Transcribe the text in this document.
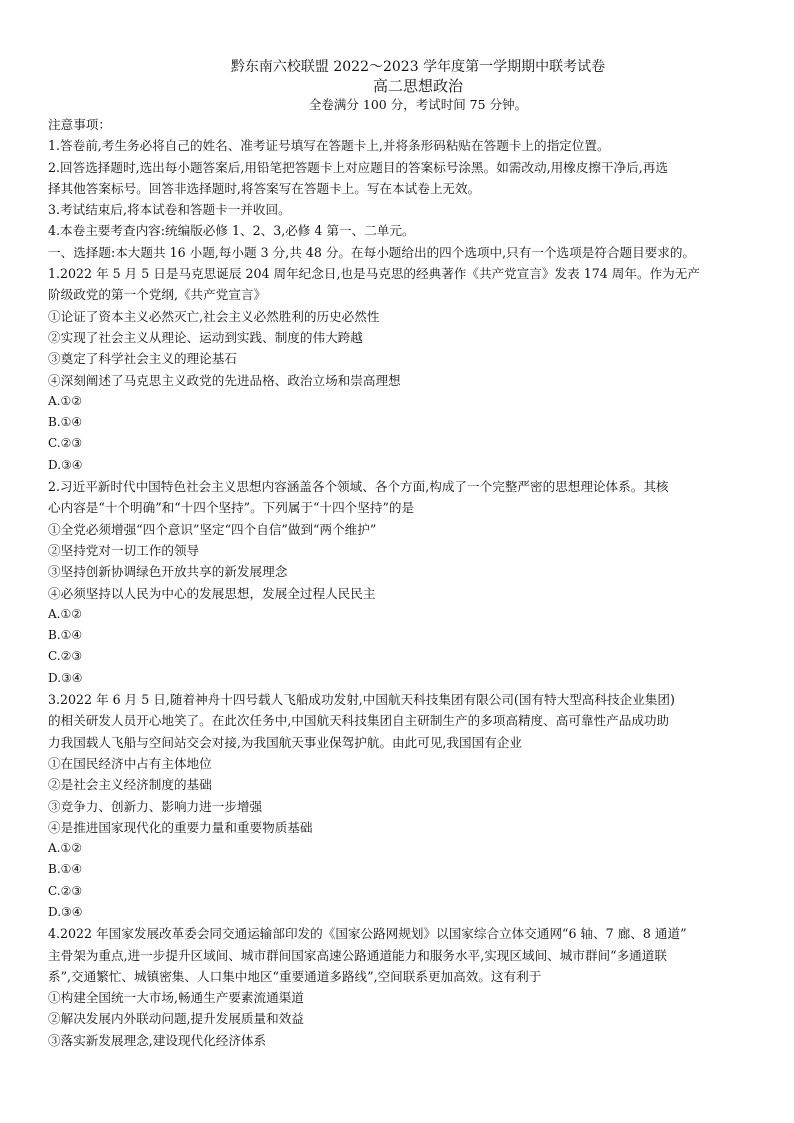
黔东南六校联盟 2022～2023 学年度第一学期期中联考试卷
高二思想政治
全卷满分 100 分，考试时间 75 分钟。
注意事项：
1.答卷前,考生务必将自己的姓名、准考证号填写在答题卡上,并将条形码粘贴在答题卡上的指定位置。
2.回答选择题时,选出每小题答案后,用铅笔把答题卡上对应题目的答案标号涂黑。如需改动,用橡皮擦干净后,再选
择其他答案标号。回答非选择题时,将答案写在答题卡上。写在本试卷上无效。
3.考试结束后,将本试卷和答题卡一并收回。
4.本卷主要考查内容:统编版必修 1、2、3,必修 4 第一、二单元。
一、选择题:本大题共 16 小题,每小题 3 分,共 48 分。在每小题给出的四个选项中,只有一个选项是符合题目要求的。
1.2022 年 5 月 5 日是马克思诞辰 204 周年纪念日,也是马克思的经典著作《共产党宣言》发表 174 周年。作为无产
阶级政党的第一个党纲,《共产党宣言》
①论证了资本主义必然灭亡,社会主义必然胜利的历史必然性
②实现了社会主义从理论、运动到实践、制度的伟大跨越
③奠定了科学社会主义的理论基石
④深刻阐述了马克思主义政党的先进品格、政治立场和崇高理想
A.①②
B.①④
C.②③
D.③④
2.习近平新时代中国特色社会主义思想内容涵盖各个领域、各个方面,构成了一个完整严密的思想理论体系。其核
心内容是“十个明确”和“十四个坚持”。下列属于“十四个坚持”的是
①全党必须增强“四个意识”坚定“四个自信”做到“两个维护”
②坚持党对一切工作的领导
③坚持创新协调绿色开放共享的新发展理念
④必须坚持以人民为中心的发展思想，发展全过程人民民主
A.①②
B.①④
C.②③
D.③④
3.2022 年 6 月 5 日,随着神舟十四号载人飞船成功发射,中国航天科技集团有限公司(国有特大型高科技企业集团)
的相关研发人员开心地笑了。在此次任务中,中国航天科技集团自主研制生产的多项高精度、高可靠性产品成功助
力我国载人飞船与空间站交会对接,为我国航天事业保驾护航。由此可见,我国国有企业
①在国民经济中占有主体地位
②是社会主义经济制度的基础
③竞争力、创新力、影响力进一步增强
④是推进国家现代化的重要力量和重要物质基础
A.①②
B.①④
C.②③
D.③④
4.2022 年国家发展改革委会同交通运输部印发的《国家公路网规划》以国家综合立体交通网“6 轴、7 廊、8 通道”
主骨架为重点,进一步提升区域间、城市群间国家高速公路通道能力和服务水平,实现区域间、城市群间“多通道联
系”,交通繁忙、城镇密集、人口集中地区“重要通道多路线”,空间联系更加高效。这有利于
①构建全国统一大市场,畅通生产要素流通渠道
②解决发展内外联动问题,提升发展质量和效益
③落实新发展理念,建设现代化经济体系
